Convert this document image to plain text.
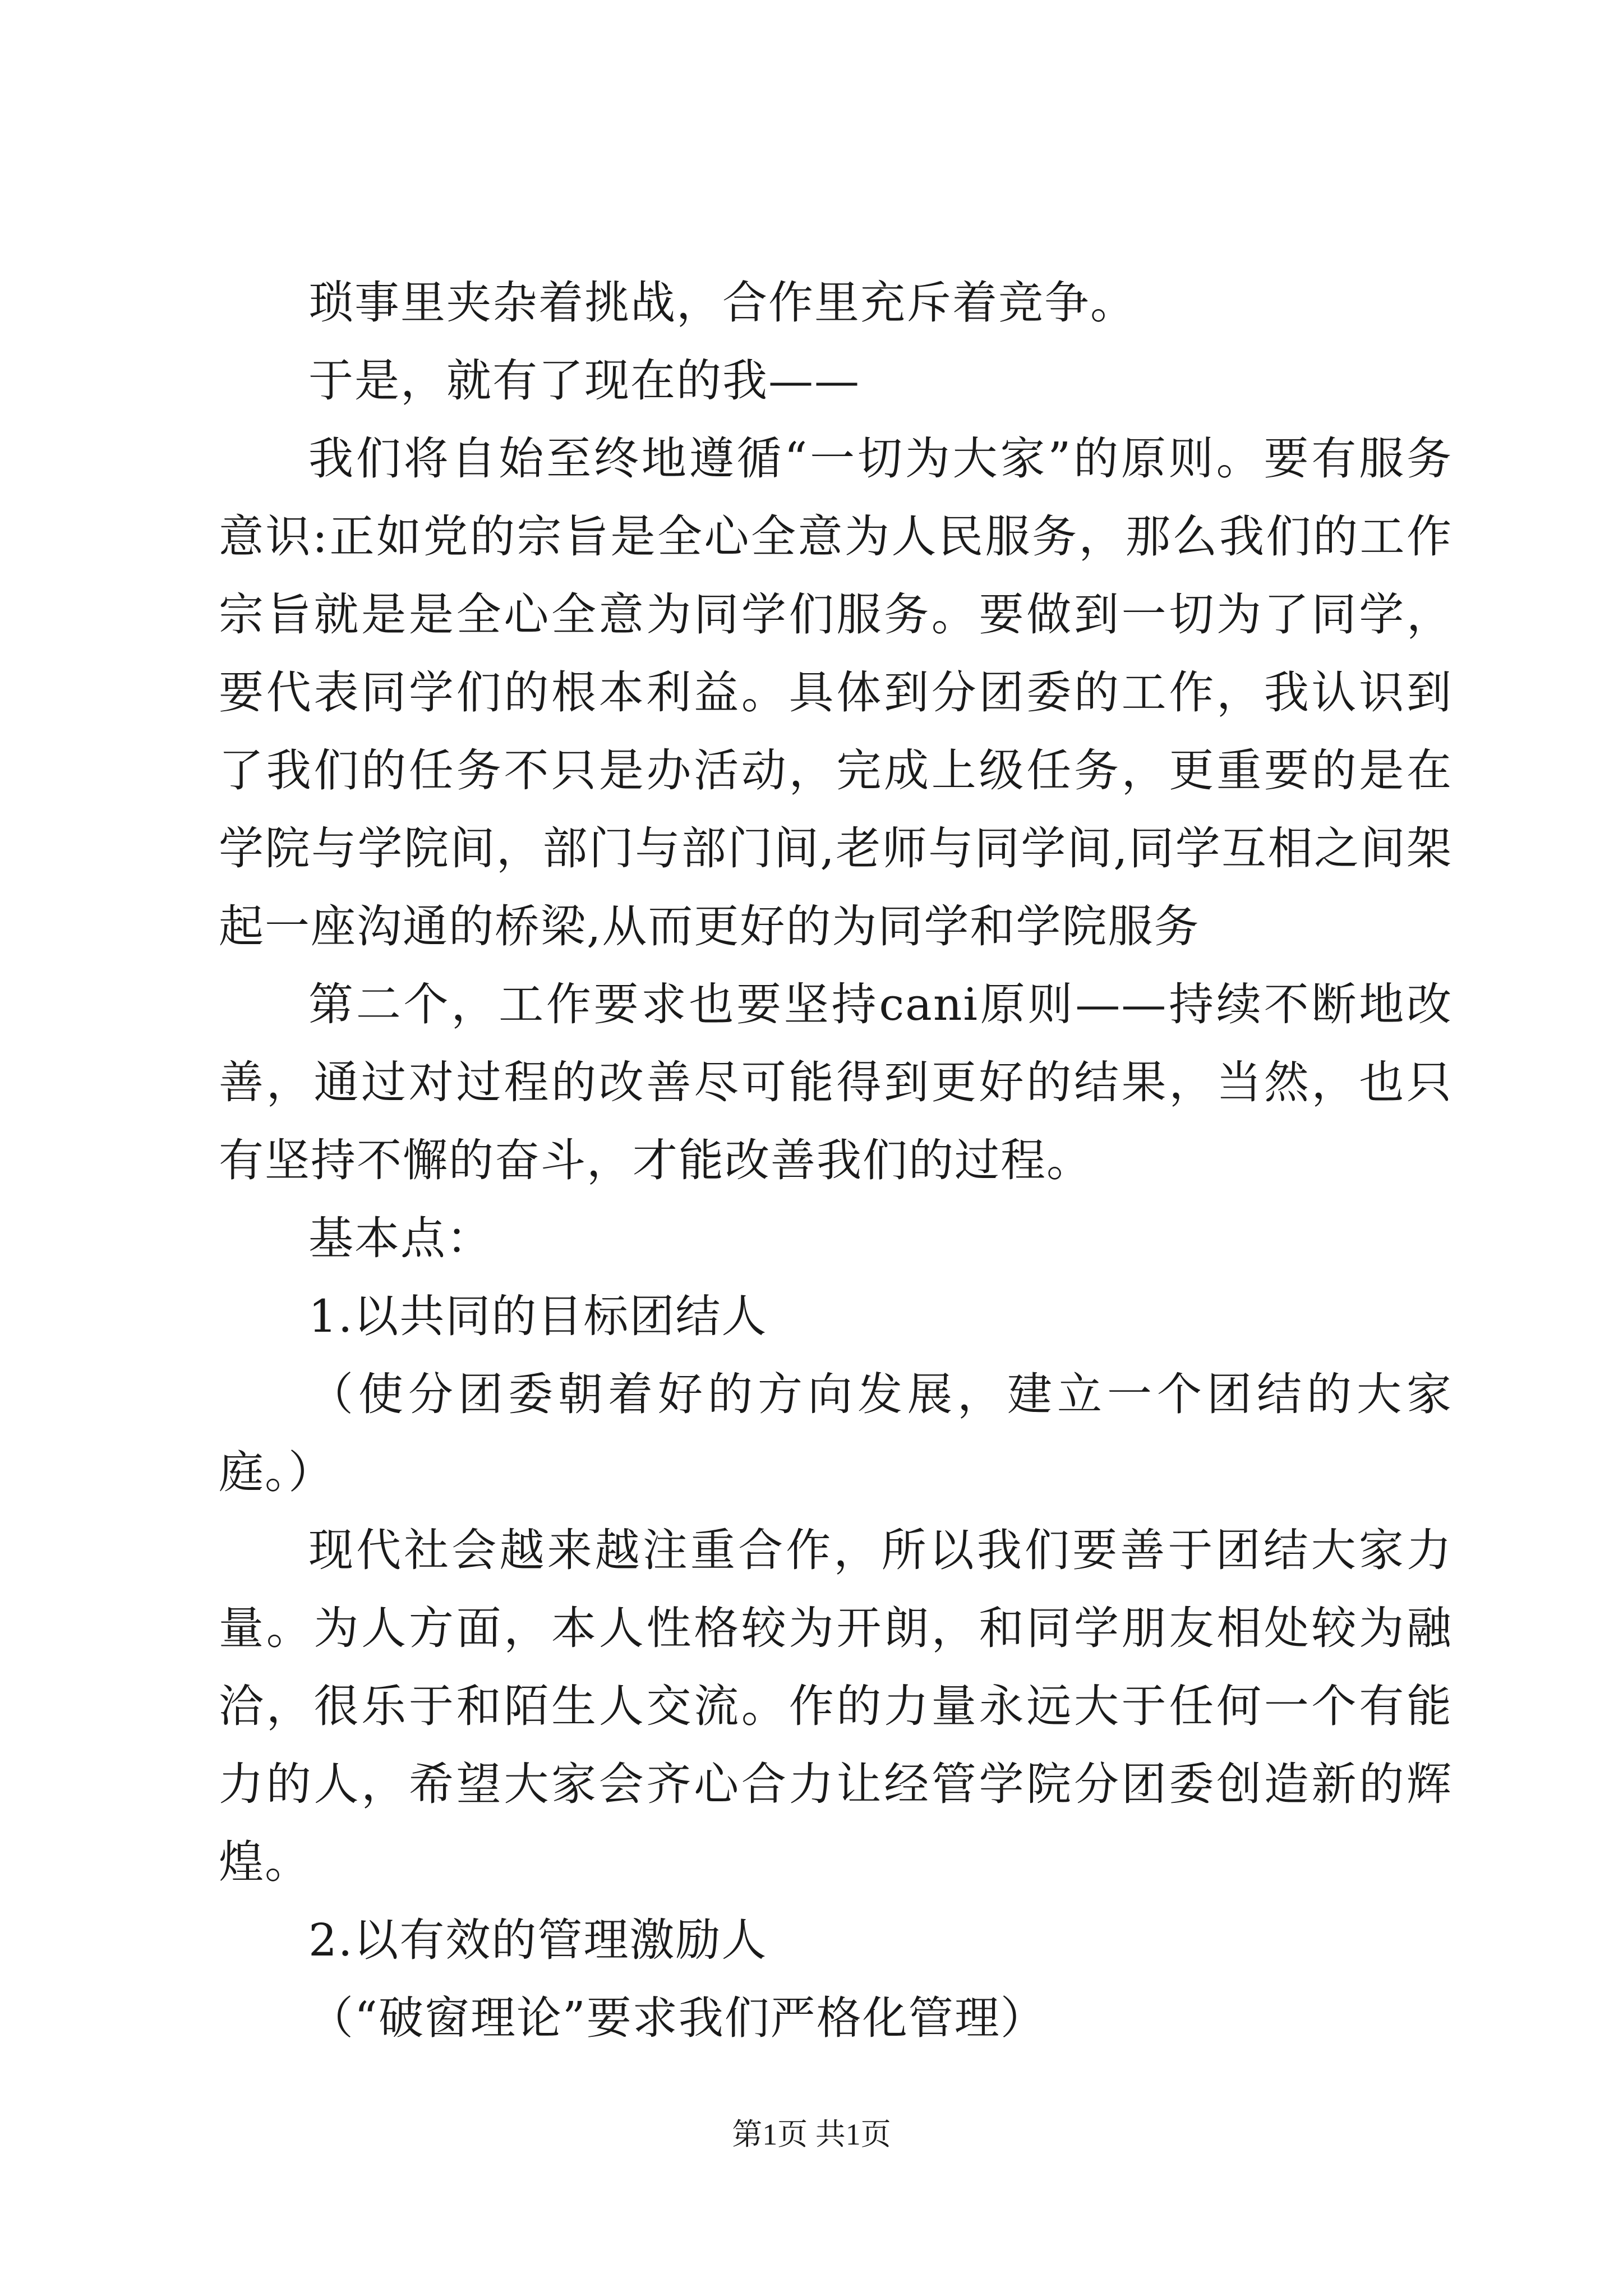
琐事里夹杂着挑战，合作里充斥着竞争。

于是，就有了现在的我——

我们将自始至终地遵循“一切为大家”的原则。要有服务意识:正如党的宗旨是全心全意为人民服务，那么我们的工作宗旨就是是全心全意为同学们服务。要做到一切为了同学，要代表同学们的根本利益。具体到分团委的工作，我认识到了我们的任务不只是办活动，完成上级任务，更重要的是在学院与学院间，部门与部门间,老师与同学间,同学互相之间架起一座沟通的桥梁,从而更好的为同学和学院服务

第二个，工作要求也要坚持cani原则——持续不断地改善，通过对过程的改善尽可能得到更好的结果，当然，也只有坚持不懈的奋斗，才能改善我们的过程。

基本点：

1.以共同的目标团结人

（使分团委朝着好的方向发展，建立一个团结的大家庭。）

现代社会越来越注重合作，所以我们要善于团结大家力量。为人方面，本人性格较为开朗，和同学朋友相处较为融洽，很乐于和陌生人交流。作的力量永远大于任何一个有能力的人，希望大家会齐心合力让经管学院分团委创造新的辉煌。

2.以有效的管理激励人

（“破窗理论”要求我们严格化管理）

第1页 共1页
